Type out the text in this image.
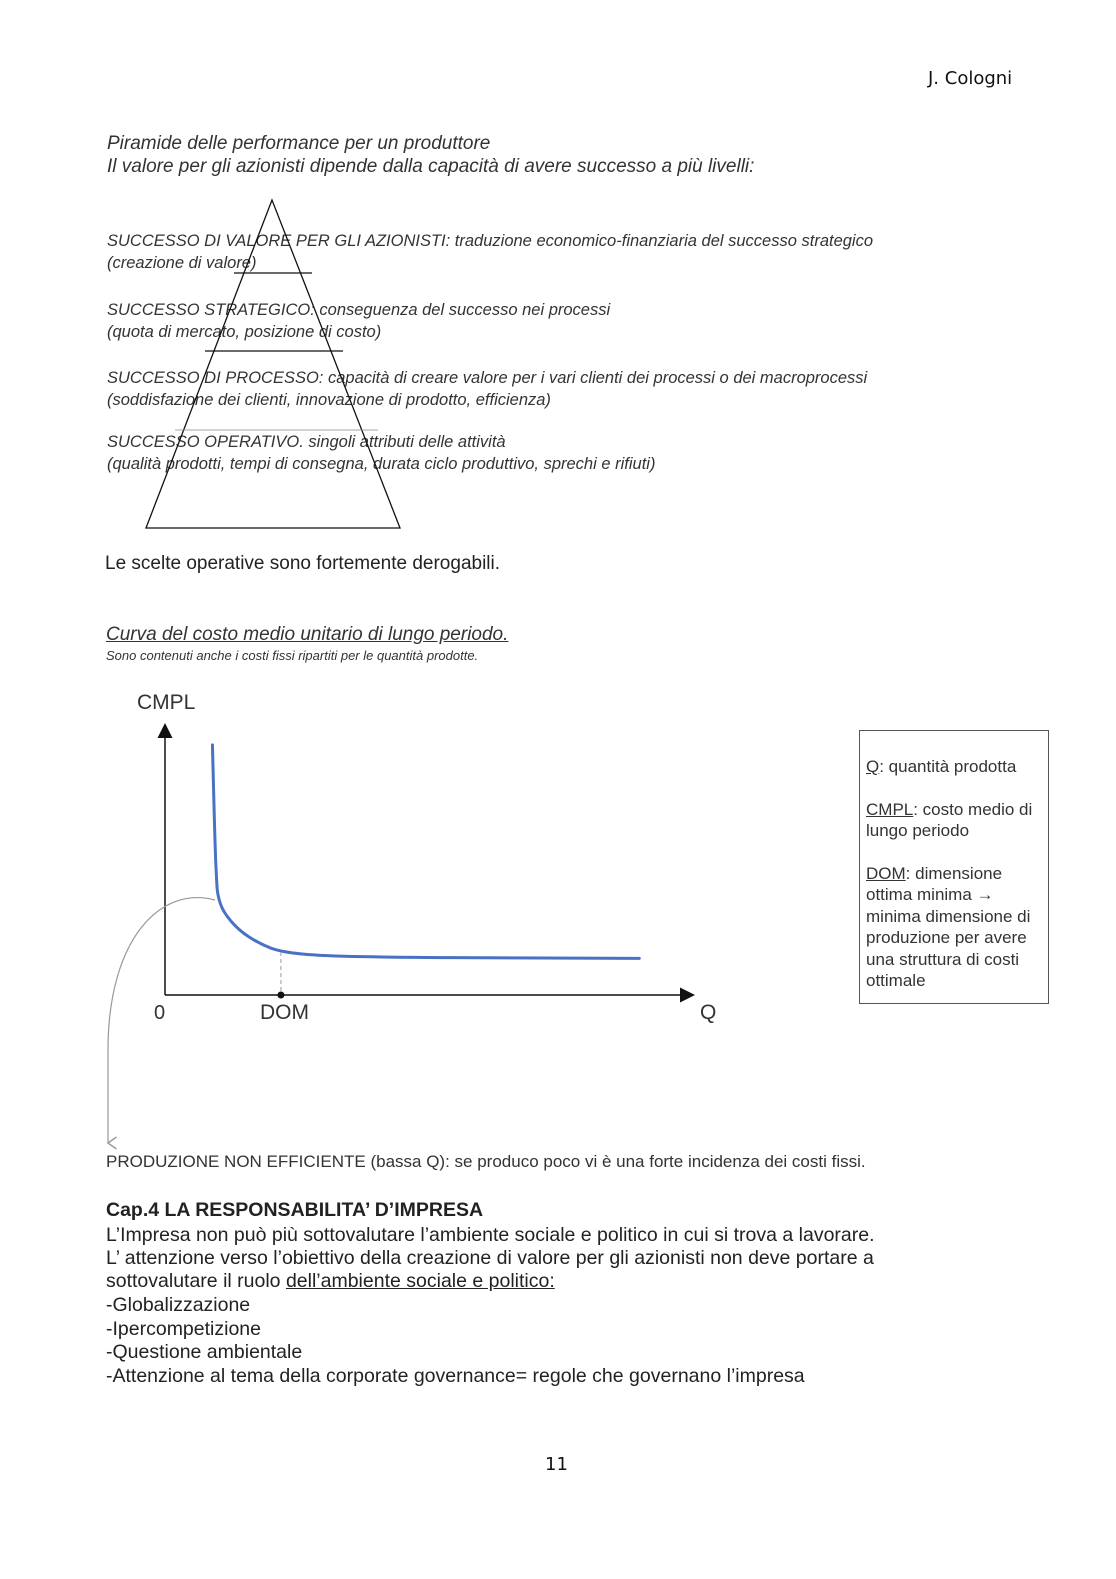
J. Cologni
Piramide delle performance per un produttore
Il valore per gli azionisti dipende dalla capacità di avere successo a più livelli:
SUCCESSO DI VALORE PER GLI AZIONISTI: traduzione economico-finanziaria del successo strategico
(creazione di valore)
SUCCESSO STRATEGICO: conseguenza del successo nei processi
(quota di mercato, posizione di costo)
SUCCESSO DI PROCESSO: capacità di creare valore per i vari clienti dei processi o dei macroprocessi
(soddisfazione dei clienti, innovazione di prodotto, efficienza)
SUCCESSO OPERATIVO. singoli attributi delle attività
(qualità prodotti, tempi di consegna, durata ciclo produttivo, sprechi e rifiuti)
Le scelte operative sono fortemente derogabili.
Curva del costo medio unitario di lungo periodo.
Sono contenuti anche i costi fissi ripartiti per le quantità prodotte.
CMPL
0	DOM	Q

Q: quantità prodotta

CMPL: costo medio di lungo periodo

DOM: dimensione ottima minima → minima dimensione di produzione per avere una struttura di costi ottimale

PRODUZIONE NON EFFICIENTE (bassa Q): se produco poco vi è una forte incidenza dei costi fissi.
Cap.4 LA RESPONSABILITA’ D’IMPRESA
L’Impresa non può più sottovalutare l’ambiente sociale e politico in cui si trova a lavorare.
L’ attenzione verso l’obiettivo della creazione di valore per gli azionisti non deve portare a
sottovalutare il ruolo dell’ambiente sociale e politico:
-Globalizzazione
-Ipercompetizione
-Questione ambientale
-Attenzione al tema della corporate governance= regole che governano l’impresa
11
